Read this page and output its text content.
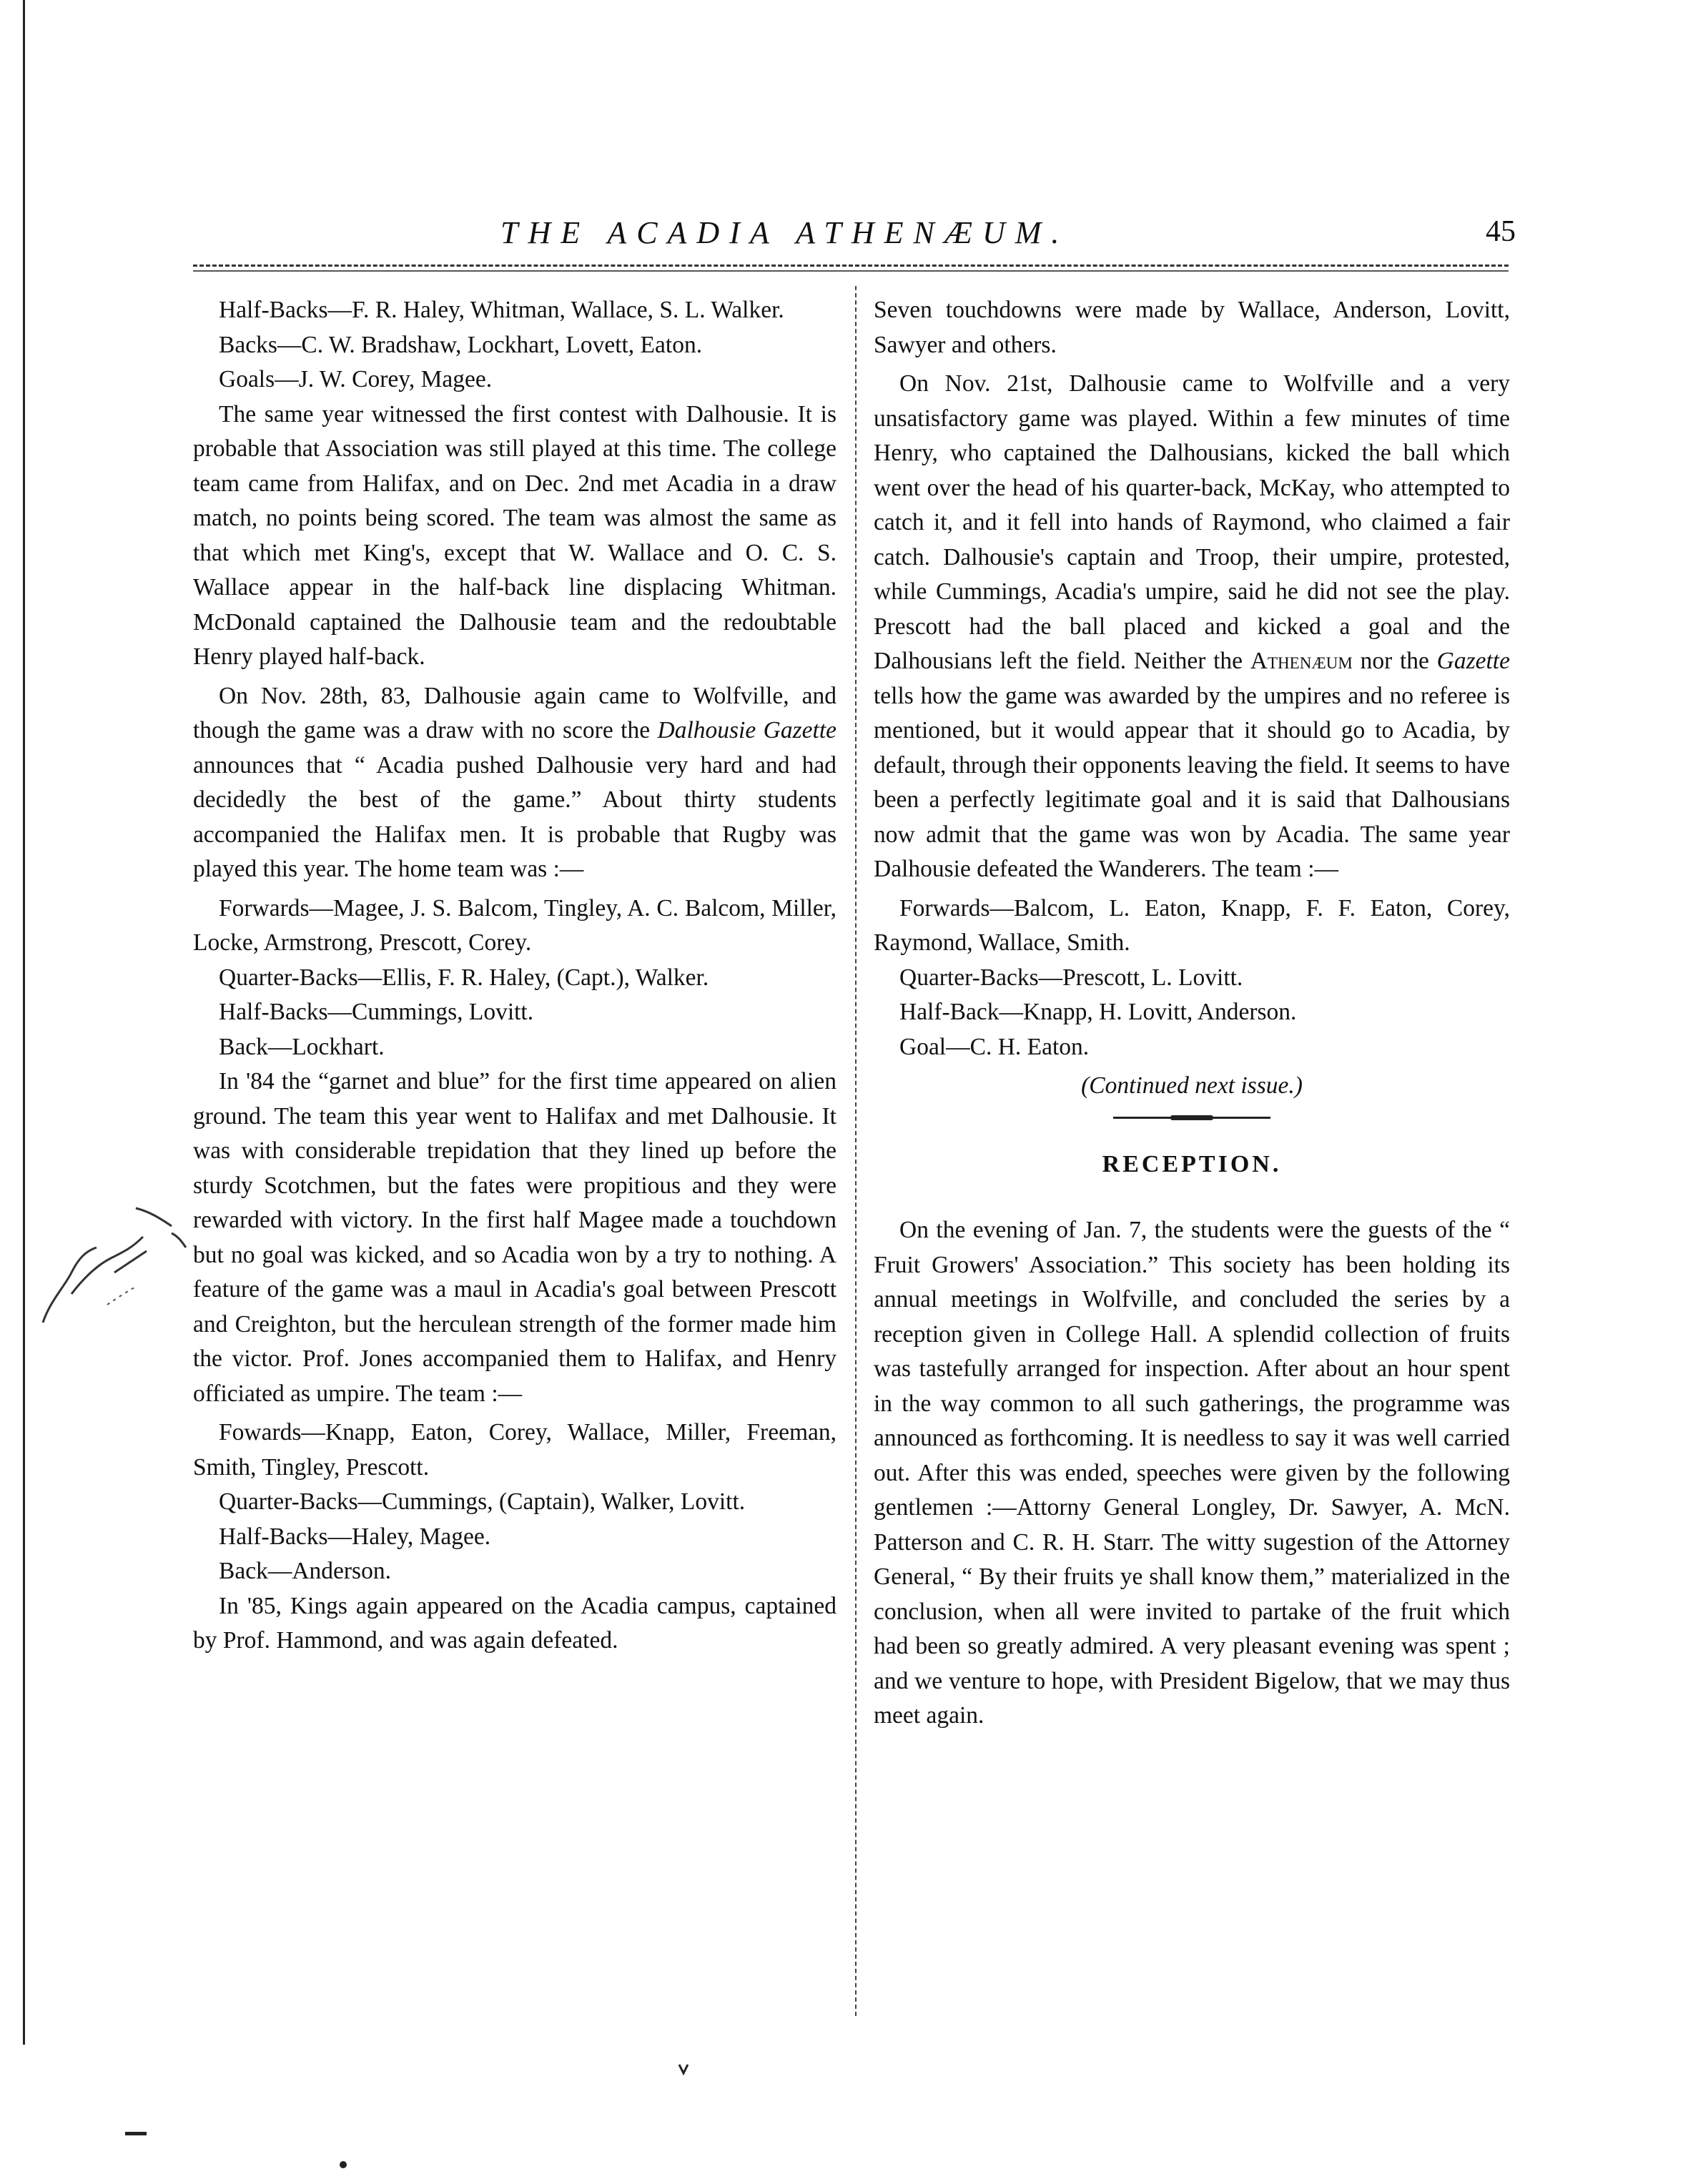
THE ACADIA ATHENÆUM.	45

Half-Backs—F. R. Haley, Whitman, Wallace, S. L. Walker.

Backs—C. W. Bradshaw, Lockhart, Lovett, Eaton.

Goals—J. W. Corey, Magee.

The same year witnessed the first contest with Dalhousie. It is probable that Association was still played at this time. The college team came from Halifax, and on Dec. 2nd met Acadia in a draw match, no points being scored. The team was almost the same as that which met King's, except that W. Wallace and O. C. S. Wallace appear in the half-back line displacing Whitman. McDonald captained the Dalhousie team and the redoubtable Henry played half-back.

On Nov. 28th, 83, Dalhousie again came to Wolfville, and though the game was a draw with no score the Dalhousie Gazette announces that “ Acadia pushed Dalhousie very hard and had decidedly the best of the game.” About thirty students accompanied the Halifax men. It is probable that Rugby was played this year. The home team was :—

Forwards—Magee, J. S. Balcom, Tingley, A. C. Balcom, Miller, Locke, Armstrong, Prescott, Corey.

Quarter-Backs—Ellis, F. R. Haley, (Capt.), Walker.

Half-Backs—Cummings, Lovitt.

Back—Lockhart.

In '84 the “garnet and blue” for the first time appeared on alien ground. The team this year went to Halifax and met Dalhousie. It was with considerable trepidation that they lined up before the sturdy Scotchmen, but the fates were propitious and they were rewarded with victory. In the first half Magee made a touchdown but no goal was kicked, and so Acadia won by a try to nothing. A feature of the game was a maul in Acadia's goal between Prescott and Creighton, but the herculean strength of the former made him the victor. Prof. Jones accompanied them to Halifax, and Henry officiated as umpire. The team :—

Fowards—Knapp, Eaton, Corey, Wallace, Miller, Freeman, Smith, Tingley, Prescott.

Quarter-Backs—Cummings, (Captain), Walker, Lovitt.

Half-Backs—Haley, Magee.

Back—Anderson.

In '85, Kings again appeared on the Acadia campus, captained by Prof. Hammond, and was again defeated.

Seven touchdowns were made by Wallace, Anderson, Lovitt, Sawyer and others.

On Nov. 21st, Dalhousie came to Wolfville and a very unsatisfactory game was played. Within a few minutes of time Henry, who captained the Dalhousians, kicked the ball which went over the head of his quarter-back, McKay, who attempted to catch it, and it fell into hands of Raymond, who claimed a fair catch. Dalhousie's captain and Troop, their umpire, protested, while Cummings, Acadia's umpire, said he did not see the play. Prescott had the ball placed and kicked a goal and the Dalhousians left the field. Neither the Athenæum nor the Gazette tells how the game was awarded by the umpires and no referee is mentioned, but it would appear that it should go to Acadia, by default, through their opponents leaving the field. It seems to have been a perfectly legitimate goal and it is said that Dalhousians now admit that the game was won by Acadia. The same year Dalhousie defeated the Wanderers. The team :—

Forwards—Balcom, L. Eaton, Knapp, F. F. Eaton, Corey, Raymond, Wallace, Smith.

Quarter-Backs—Prescott, L. Lovitt.

Half-Back—Knapp, H. Lovitt, Anderson.

Goal—C. H. Eaton.

(Continued next issue.)

RECEPTION.

On the evening of Jan. 7, the students were the guests of the “ Fruit Growers' Association.” This society has been holding its annual meetings in Wolfville, and concluded the series by a reception given in College Hall. A splendid collection of fruits was tastefully arranged for inspection. After about an hour spent in the way common to all such gatherings, the programme was announced as forthcoming. It is needless to say it was well carried out. After this was ended, speeches were given by the following gentlemen :—Attorny General Longley, Dr. Sawyer, A. McN. Patterson and C. R. H. Starr. The witty sugestion of the Attorney General, “ By their fruits ye shall know them,” materialized in the conclusion, when all were invited to partake of the fruit which had been so greatly admired. A very pleasant evening was spent ; and we venture to hope, with President Bigelow, that we may thus meet again.
